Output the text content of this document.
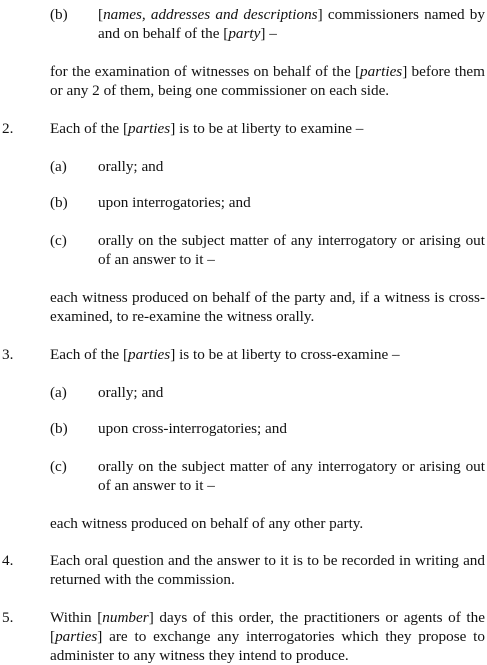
(b) [names, addresses and descriptions] commissioners named by and on behalf of the [party] –
for the examination of witnesses on behalf of the [parties] before them or any 2 of them, being one commissioner on each side.
2. Each of the [parties] is to be at liberty to examine –
(a) orally; and
(b) upon interrogatories; and
(c) orally on the subject matter of any interrogatory or arising out of an answer to it –
each witness produced on behalf of the party and, if a witness is cross-examined, to re-examine the witness orally.
3. Each of the [parties] is to be at liberty to cross-examine –
(a) orally; and
(b) upon cross-interrogatories; and
(c) orally on the subject matter of any interrogatory or arising out of an answer to it –
each witness produced on behalf of any other party.
4. Each oral question and the answer to it is to be recorded in writing and returned with the commission.
5. Within [number] days of this order, the practitioners or agents of the [parties] are to exchange any interrogatories which they propose to administer to any witness they intend to produce.
